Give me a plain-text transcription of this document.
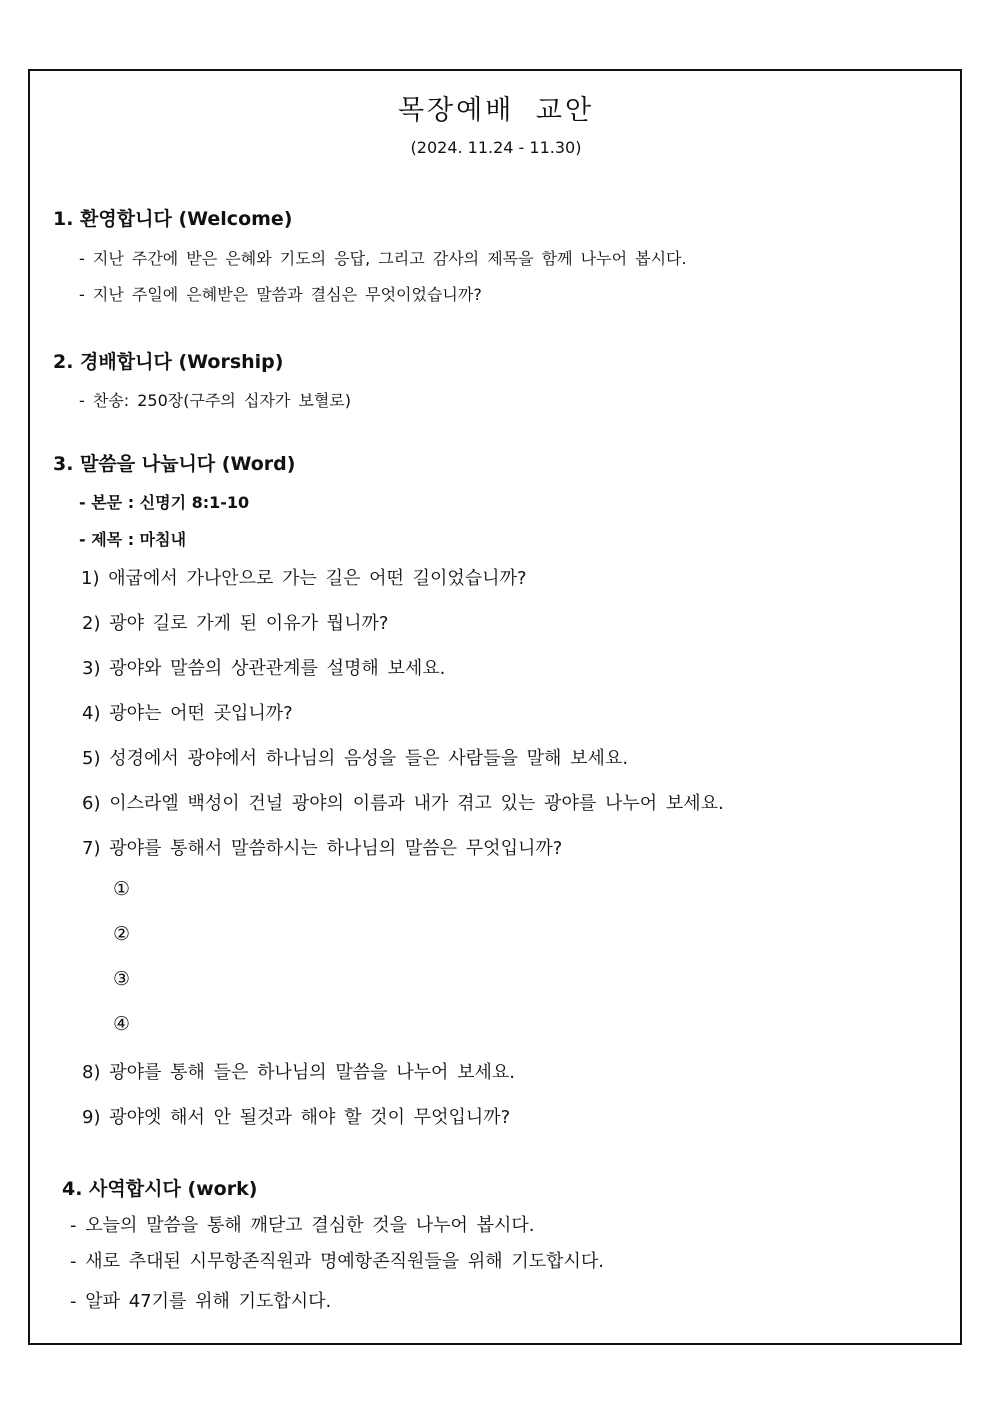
목장예배 교안
(2024. 11.24 - 11.30)
1. 환영합니다 (Welcome)
- 지난 주간에 받은 은혜와 기도의 응답, 그리고 감사의 제목을 함께 나누어 봅시다.
- 지난 주일에 은혜받은 말씀과 결심은 무엇이었습니까?
2. 경배합니다 (Worship)
- 찬송: 250장(구주의 십자가 보혈로)
3. 말씀을 나눕니다 (Word)
- 본문 : 신명기 8:1-10
- 제목 : 마침내
1) 애굽에서 가나안으로 가는 길은 어떤 길이었습니까?
2) 광야 길로 가게 된 이유가 뭡니까?
3) 광야와 말씀의 상관관계를 설명해 보세요.
4) 광야는 어떤 곳입니까?
5) 성경에서 광야에서 하나님의 음성을 들은 사람들을 말해 보세요.
6) 이스라엘 백성이 건널 광야의 이름과 내가 겪고 있는 광야를 나누어 보세요.
7) 광야를 통해서 말씀하시는 하나님의 말씀은 무엇입니까?
①
②
③
④
8) 광야를 통해 들은 하나님의 말씀을 나누어 보세요.
9) 광야엣 해서 안 될것과 해야 할 것이 무엇입니까?
4. 사역합시다 (work)
- 오늘의 말씀을 통해 깨닫고 결심한 것을 나누어 봅시다.
- 새로 추대된 시무항존직원과 명예항존직원들을 위해 기도합시다.
- 알파 47기를 위해 기도합시다.
